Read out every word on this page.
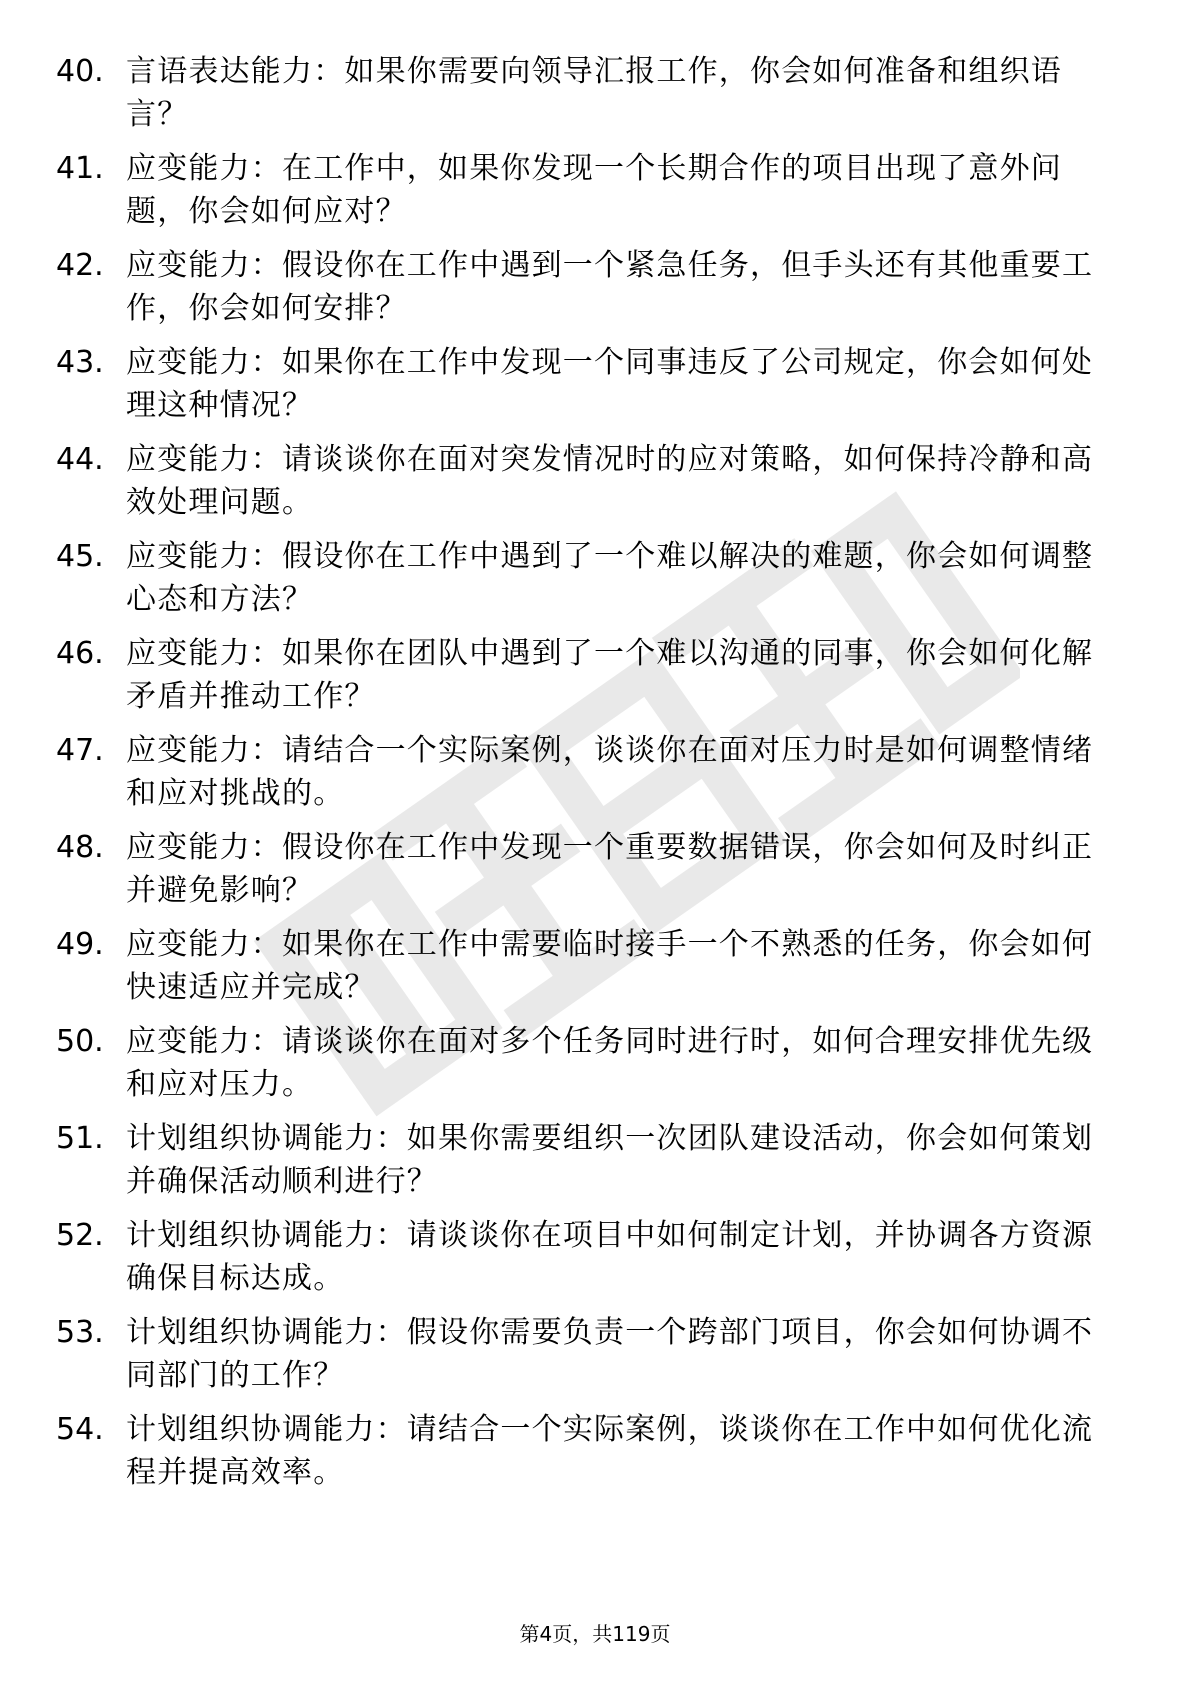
40. 言语表达能力：如果你需要向领导汇报工作，你会如何准备和组织语言？
41. 应变能力：在工作中，如果你发现一个长期合作的项目出现了意外问题，你会如何应对？
42. 应变能力：假设你在工作中遇到一个紧急任务，但手头还有其他重要工作，你会如何安排？
43. 应变能力：如果你在工作中发现一个同事违反了公司规定，你会如何处理这种情况？
44. 应变能力：请谈谈你在面对突发情况时的应对策略，如何保持冷静和高效处理问题。
45. 应变能力：假设你在工作中遇到了一个难以解决的难题，你会如何调整心态和方法？
46. 应变能力：如果你在团队中遇到了一个难以沟通的同事，你会如何化解矛盾并推动工作？
47. 应变能力：请结合一个实际案例，谈谈你在面对压力时是如何调整情绪和应对挑战的。
48. 应变能力：假设你在工作中发现一个重要数据错误，你会如何及时纠正并避免影响？
49. 应变能力：如果你在工作中需要临时接手一个不熟悉的任务，你会如何快速适应并完成？
50. 应变能力：请谈谈你在面对多个任务同时进行时，如何合理安排优先级和应对压力。
51. 计划组织协调能力：如果你需要组织一次团队建设活动，你会如何策划并确保活动顺利进行？
52. 计划组织协调能力：请谈谈你在项目中如何制定计划，并协调各方资源确保目标达成。
53. 计划组织协调能力：假设你需要负责一个跨部门项目，你会如何协调不同部门的工作？
54. 计划组织协调能力：请结合一个实际案例，谈谈你在工作中如何优化流程并提高效率。
第4页，共119页
